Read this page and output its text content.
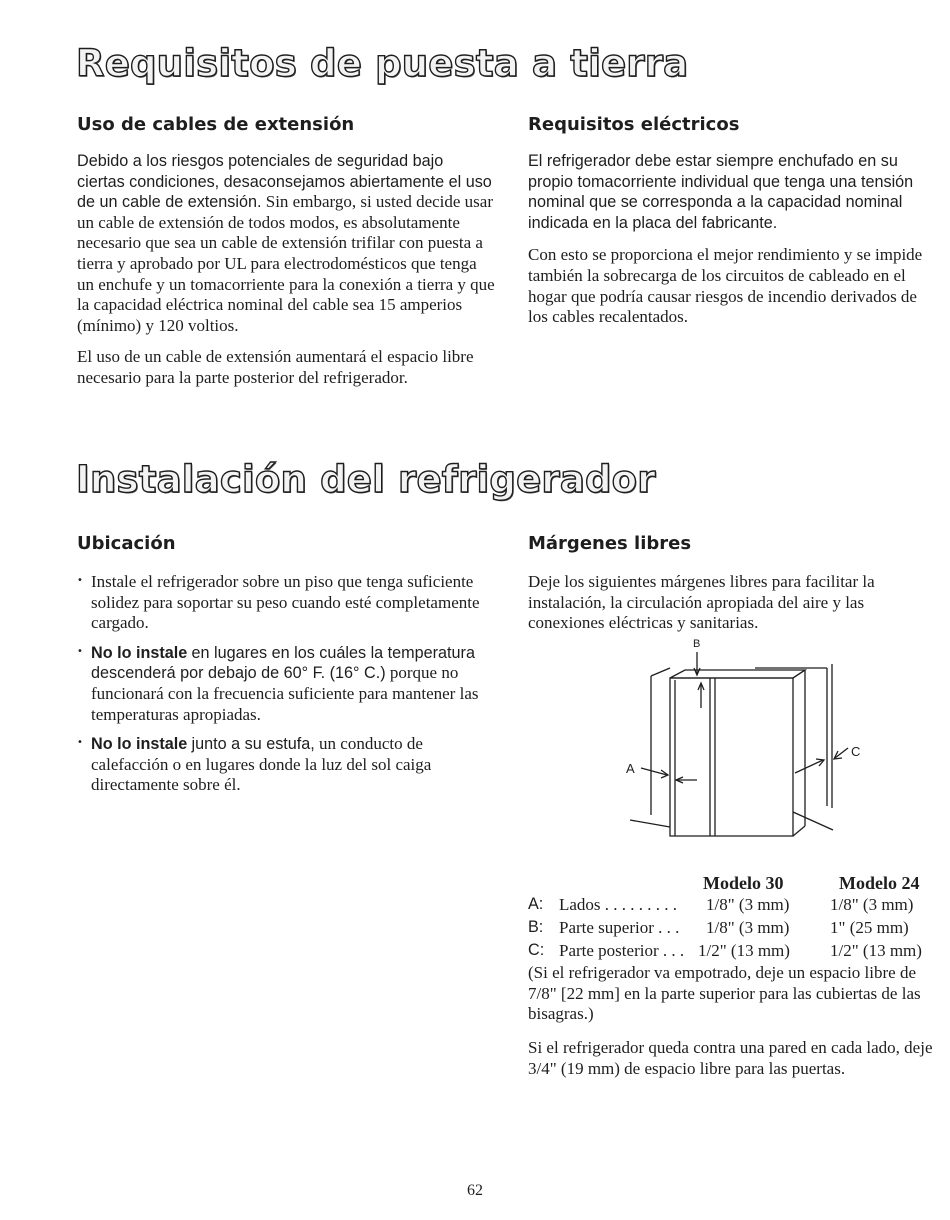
Requisitos de puesta a tierra
Uso de cables de extensión

Debido a los riesgos potenciales de seguridad bajo ciertas condiciones, desaconsejamos abiertamente el uso de un cable de extensión. Sin embargo, si usted decide usar un cable de extensión de todos modos, es absolutamente necesario que sea un cable de extensión trifilar con puesta a tierra y aprobado por UL para electrodomésticos que tenga un enchufe y un tomacorriente para la conexión a tierra y que la capacidad eléctrica nominal del cable sea 15 amperios (mínimo) y 120 voltios.

El uso de un cable de extensión aumentará el espacio libre necesario para la parte posterior del refrigerador.

Requisitos eléctricos

El refrigerador debe estar siempre enchufado en su propio tomacorriente individual que tenga una tensión nominal que se corresponda a la capacidad nominal indicada en la placa del fabricante.

Con esto se proporciona el mejor rendimiento y se impide también la sobrecarga de los circuitos de cableado en el hogar que podría causar riesgos de incendio derivados de los cables recalentados.

Instalación del refrigerador
Ubicación

• Instale el refrigerador sobre un piso que tenga suficiente solidez para soportar su peso cuando esté completamente cargado.

• No lo instale en lugares en los cuáles la temperatura descenderá por debajo de 60° F. (16° C.) porque no funcionará con la frecuencia suficiente para mantener las temperaturas apropiadas.

• No lo instale junto a su estufa, un conducto de calefacción o en lugares donde la luz del sol caiga directamente sobre él.

Márgenes libres

Deje los siguientes márgenes libres para facilitar la instalación, la circulación apropiada del aire y las conexiones eléctricas y sanitarias.

B
A
C
Modelo 30	Modelo 24
A: Lados . . . . . . . . . 1/8" (3 mm) 1/8" (3 mm)
B: Parte superior . . . 1/8" (3 mm) 1" (25 mm)
C: Parte posterior . . . 1/2" (13 mm) 1/2" (13 mm)

(Si el refrigerador va empotrado, deje un espacio libre de 7/8" [22 mm] en la parte superior para las cubiertas de las bisagras.)

Si el refrigerador queda contra una pared en cada lado, deje 3/4" (19 mm) de espacio libre para las puertas.

62
